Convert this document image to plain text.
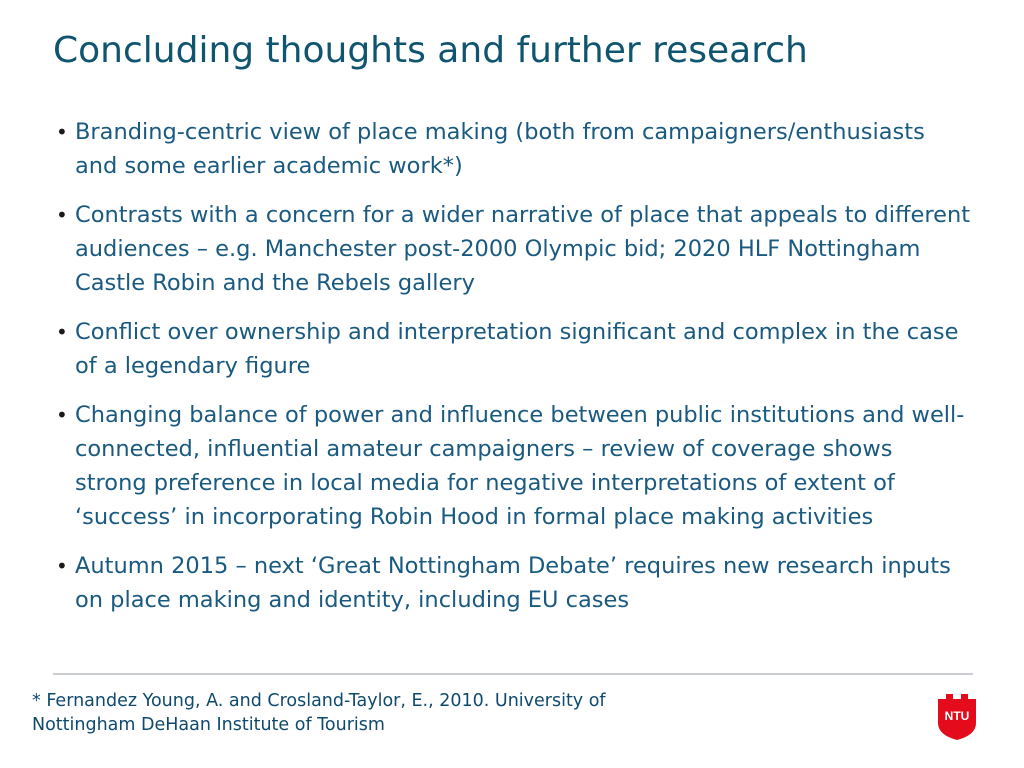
Concluding thoughts and further research
• Branding-centric view of place making (both from campaigners/enthusiasts and some earlier academic work*)
• Contrasts with a concern for a wider narrative of place that appeals to different audiences – e.g. Manchester post-2000 Olympic bid; 2020 HLF Nottingham Castle Robin and the Rebels gallery
• Conflict over ownership and interpretation significant and complex in the case of a legendary figure
• Changing balance of power and influence between public institutions and well-connected, influential amateur campaigners – review of coverage shows strong preference in local media for negative interpretations of extent of ‘success’ in incorporating Robin Hood in formal place making activities
• Autumn 2015 – next ‘Great Nottingham Debate’ requires new research inputs on place making and identity, including EU cases
* Fernandez Young, A. and Crosland-Taylor, E., 2010. University of Nottingham DeHaan Institute of Tourism	NTU
